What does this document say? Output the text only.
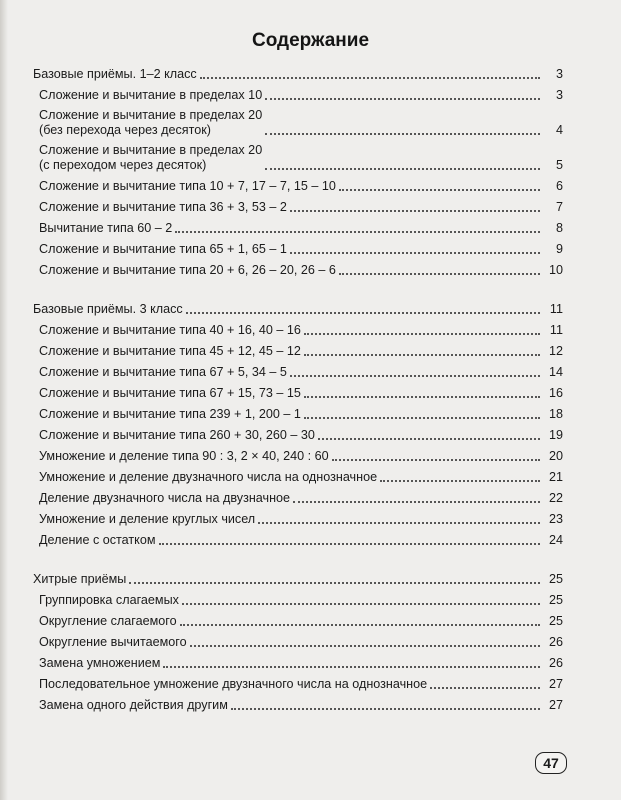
Содержание
Базовые приёмы. 1–2 класс	3
Сложение и вычитание в пределах 10	3
Сложение и вычитание в пределах 20
(без перехода через десяток)	4
Сложение и вычитание в пределах 20
(с переходом через десяток)	5
Сложение и вычитание типа 10 + 7, 17 – 7, 15 – 10	6
Сложение и вычитание типа 36 + 3, 53 – 2	7
Вычитание типа 60 – 2	8
Сложение и вычитание типа 65 + 1, 65 – 1	9
Сложение и вычитание типа 20 + 6, 26 – 20, 26 – 6	10
Базовые приёмы. 3 класс	11
Сложение и вычитание типа 40 + 16, 40 – 16	11
Сложение и вычитание типа 45 + 12, 45 – 12	12
Сложение и вычитание типа 67 + 5, 34 – 5	14
Сложение и вычитание типа 67 + 15, 73 – 15	16
Сложение и вычитание типа 239 + 1, 200 – 1	18
Сложение и вычитание типа 260 + 30, 260 – 30	19
Умножение и деление типа 90 : 3, 2 × 40, 240 : 60	20
Умножение и деление двузначного числа на однозначное	21
Деление двузначного числа на двузначное	22
Умножение и деление круглых чисел	23
Деление с остатком	24
Хитрые приёмы	25
Группировка слагаемых	25
Округление слагаемого	25
Округление вычитаемого	26
Замена умножением	26
Последовательное умножение двузначного числа на однозначное	27
Замена одного действия другим	27
47
